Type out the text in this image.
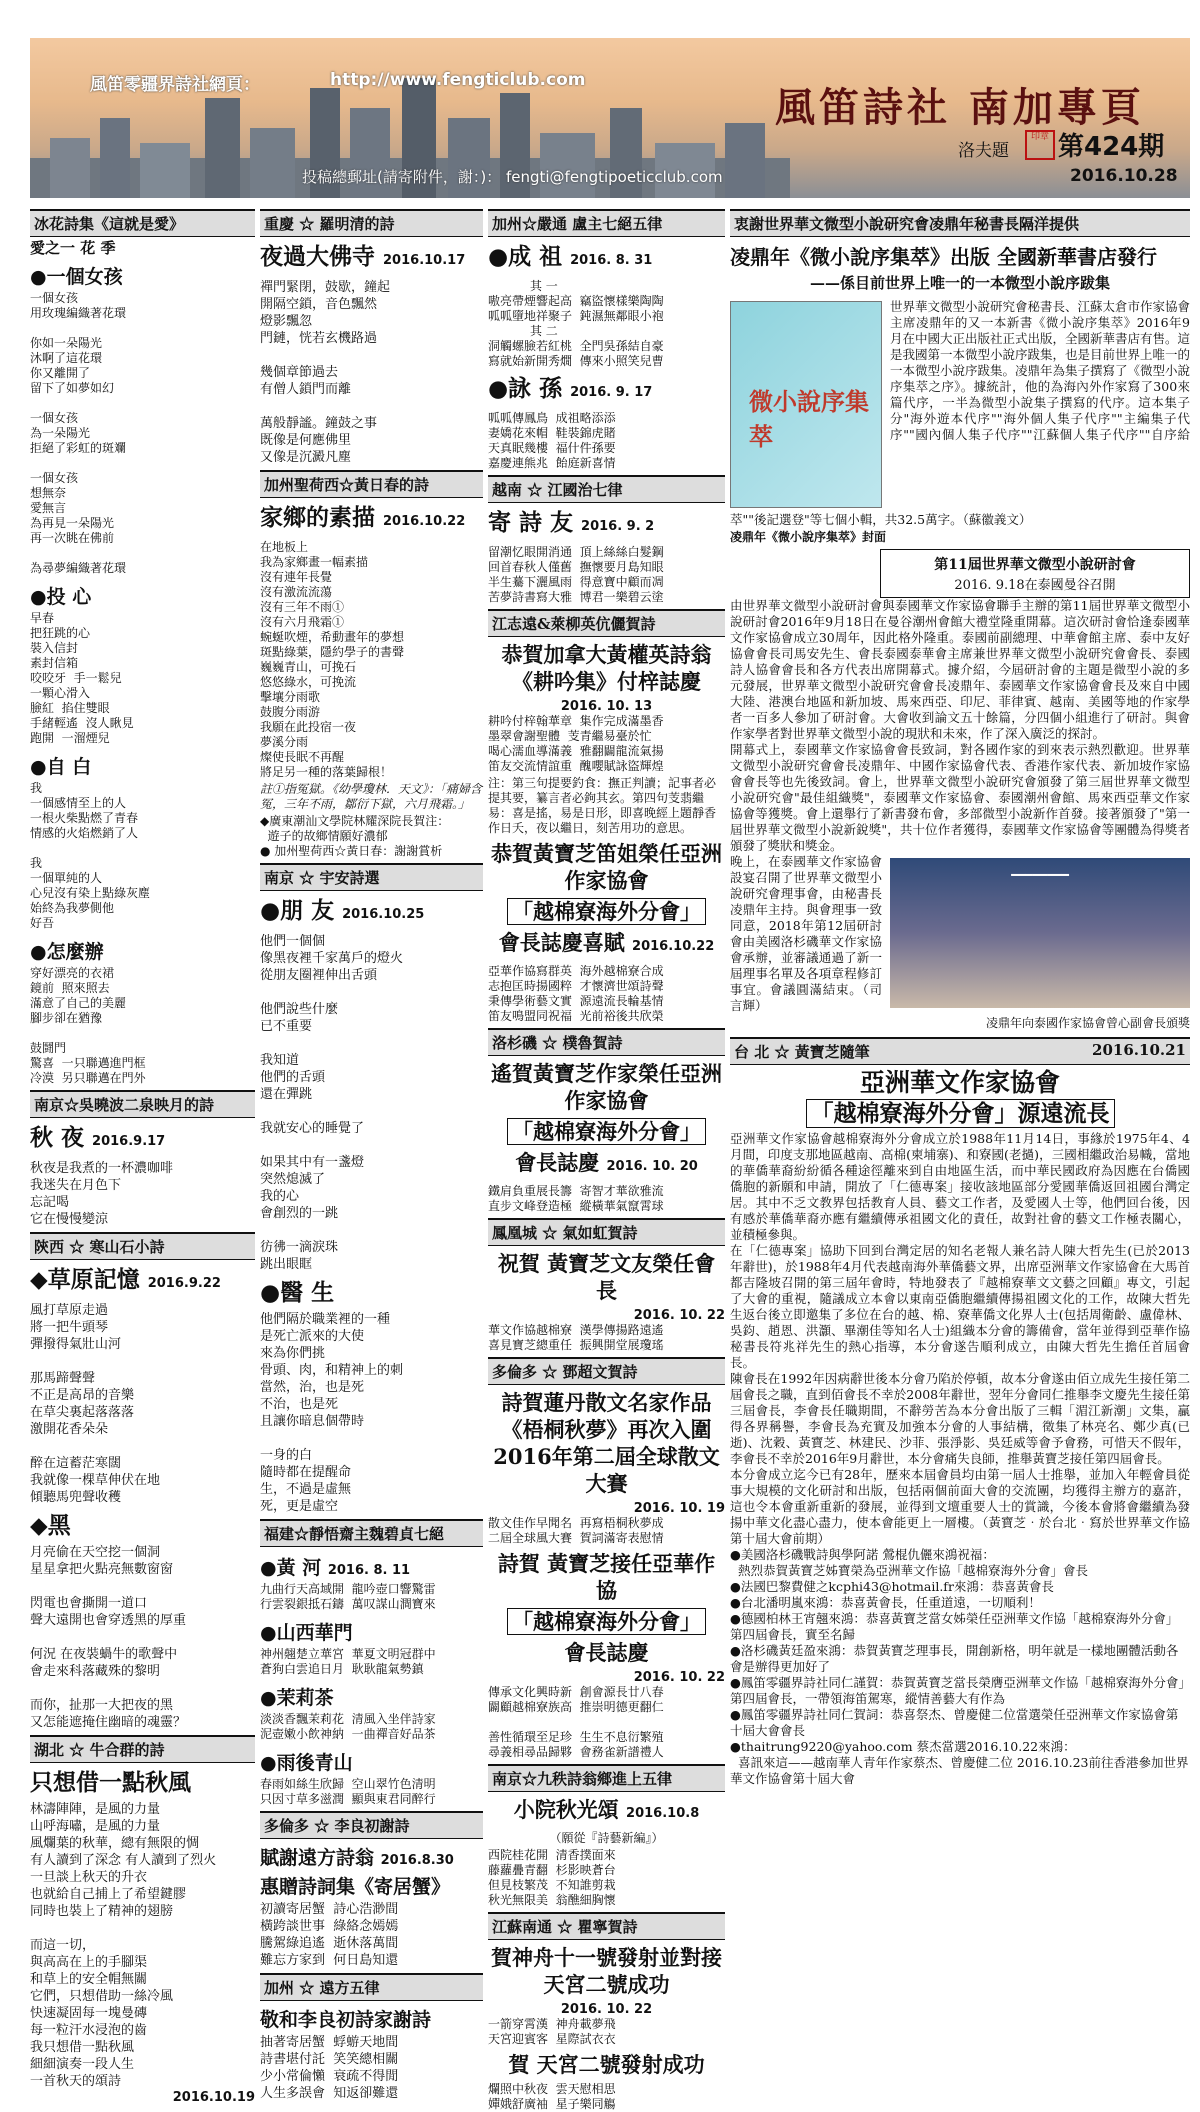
風笛零疆界詩社網頁：	http://www.fengticlub.com
投稿總郵址(請寄附件，謝：)： fengti@fengtipoeticclub.com
風笛詩社 南加專頁
洛夫題
印章 第424期
2016.10.28
冰花詩集《這就是愛》
愛之一 花 季
●一個女孩
一個女孩
用玫瑰編織著花環

你如一朵陽光
沐啊了這花環
你又離開了
留下了如夢如幻

一個女孩
為一朵陽光
拒絕了彩虹的斑斕

一個女孩
想無奈
愛無言
為再見一朵陽光
再一次眺在佛前

為尋夢編織著花環
●投 心
早春
把狂跳的心
裝入信封
素封信箱
咬咬牙  手一鬆兒
一顆心滑入
臉紅  掐住雙眼
手緒輕遙  沒人瞅見
跑開  一溜煙兒
●自 白
我
一個感情至上的人
一根火柴點燃了青春
情感的火焰燃銷了人

我
一個單純的人
心兒沒有染上點綠灰塵
始終為我夢側他
好吾
●怎麼辦
穿好漂亮的衣裙
鏡前  照來照去
滿意了自己的美麗
腳步卻在猶豫

鼓鬪門
驚喜  一只聯邁進門框
冷漠  另只聯邁在門外
南京☆吳曉波二泉映月的詩
秋 夜 2016.9.17
秋夜是我煮的一杯濃咖啡
我迷失在月色下
忘記喝
它在慢慢變涼
陝西 ☆ 寒山石小詩
◆草原記憶 2016.9.22
風打草原走過
將一把牛頭琴
彈撥得氣壯山河

那馬蹄聲聲
不正是高昂的音樂
在草尖裏起落落落
激開花香朵朵

醉在這蓄茫寒闊
我就像一棵草伸伏在地
傾聽馬兜聲收穫
◆黑
月亮偷在天空挖一個洞
星星拿把火點亮無數窗窗

閃電也會撕開一道口
聲大遠開也會穿透黑的厚重

何況 在夜裝蝸牛的歌聲中
會走來科落藏殊的黎明

而你，扯那一大把夜的黑
又怎能遮掩住幽暗的魂靈？
湖北 ☆ 牛合群的詩
只想借一點秋風
林濤陣陣，是風的力量
山呼海嘯，是風的力量
風爛葉的秋華，總有無限的惆
有人讀到了深念 有人讀到了烈火
一旦談上秋天的升衣
也就給自己捕上了希望鍵膠
同時也裝上了精神的翅膀

而這一切，
與高高在上的手腳渠
和草上的安全帽無關
它們，只想借助一絲冷風
快速凝固每一塊曼磚
每一粒汗水浸泡的齒
我只想借一點秋風
細細演奏一段人生
一首秋天的頌詩
2016.10.19
重慶 ☆ 羅明清的詩
夜過大佛寺 2016.10.17
禪門緊閉，鼓歇，鐘起
開隔空鎖，音色飄然
燈影飄忽
門鏈，恍若玄機路過

幾個章節過去
有僧人鎖門而離

萬般靜謐。鐘鼓之事
既像是何應佛里
又像是沉澱凡塵
加州聖荷西☆黃日春的詩
家鄉的素描 2016.10.22
在地板上
我為家鄉畫一幅素描
沒有連年長覺
沒有激流流蕩
沒有三年不雨①
沒有六月飛霜①
蜿蜒吹煙，希動畫年的夢想
斑點綠葉，隱約學子的書聲
巍巍青山，可挽石
悠悠綠水，可挽流
擊壤分雨歌
鼓腹分雨游
我願在此投宿一夜
夢溪分雨
燦使長眠不再醒
將足另一種的落葉歸根！

註①指冤獄。《幼學瓊林．天文》：「痛婦含冤，三年不雨，鄒衍下獄，六月飛霜。」

◆廣東潮汕文學院林耀深院長賀注：
遊子的故鄉情願好濃郁
● 加州聖荷西☆黃日春：謝謝賞析
南京 ☆ 宇安詩選
●朋 友 2016.10.25
他們一個個
像黑夜裡千家萬戶的燈火
從朋友圈裡伸出舌頭

他們說些什麼
已不重要

我知道
他們的舌頭
還在彈跳

我就安心的睡覺了

如果其中有一盞燈
突然熄滅了
我的心
會創烈的一跳

彷彿一滴淚珠
跳出眼眶
●醫 生
他們隔於職業裡的一種
是死亡派來的大使
來為你們挑
骨頭、肉，和精神上的刺
當然，治，也是死
不治，也是死
且讓你暗息個帶時

一身的白
隨時都在提醒命
生，不過是虛無
死，更是虛空
福建☆靜悟齋主魏碧貞七絕
●黃 河 2016. 8. 11
九曲行天高域開  龍吟壺口響驚雷
行雲裂銀抵石鑄  萬叹謀山澗寶來
●山西華門
神州翹楚立華宮  華夏文明冠群中
蒼狗白雲追日月  耿耿龍氣勢鎮
●茉莉茶
淡淡香飄茉莉花  清風入坐伴詩家
泥壺嫩小飲神納  一曲禪音好品茶
●雨後青山
春雨如絲生欣歸  空山翠竹色清明
只因寸草多滋潤  顯與東君同醉行
多倫多 ☆ 李良初謝詩
賦謝遠方詩翁 2016.8.30
惠贈詩詞集《寄居蟹》
初讀寄居蟹  詩心浩渺間
橫跨談世事  綠絡念嫣嫣
騰駕綠追遙  逝休落萬間
難忘方家到  何日島知還
加州 ☆ 遠方五律
敬和李良初詩家謝詩
抽著寄居蟹  蜉蝣天地間
詩書堪付託  笑笑總相關
少小常倫懶  衰疏不得閒
人生多誤會  知返卻難還
加州☆嚴通 盧主七絕五律
●成 祖 2016. 8. 31
其 一
嗷亮帶煙響起高  竊盜懷樣樂陶陶
呱呱墮地祥聚子  鈍濕無鄰眼小袍
其 二
洞觸螺臉若紅桃  全門吳孫結自豪
寫就始新開秀燗  傳來小照笑兒曹
●詠 孫 2016. 9. 17
呱呱傳鳳鳥  成祖略添添
妻嬌花來帽  鞋裝錦虎賭
天真眠幾樓  福什件孫要
嘉慶連熊兆  飴庭新喜情
越南 ☆ 江國治七律
寄 詩 友 2016. 9. 2
留潮忆眼開消通  頂上絲絲白髮鋼
回首春秋人僅舊  撫懷要月島知眼
半生驀下灑風雨  得意寶中顧而凋
苦夢詩書寫大雅  博君一樂碧云塗
江志遠&萊柳英伉儷賀詩
恭賀加拿大黃權英詩翁《耕吟集》付梓誌慶
2016. 10. 13
耕吟付梓翰華章  集作完成滿墨香
墨翠會謝聖體  芰青繼易臺於忙
喝心濡血導滿義  雅翻闢龍流氣揚
笛友交流情誼重  醜嚶賦詠盜輝煌

注：第三句提要釣食：撫正判讀；記事者必提其要，纂言者必鉤其玄。第四句芰翡繼易：喜是搖，易是日形，即喜晚經上題靜香作日夭，夜以繼日，刻苦用功的意思。

恭賀黃寶芝笛姐榮任亞洲作家協會
「越棉寮海外分會」
會長誌慶喜賦 2016.10.22
亞華作協寫群英  海外越棉寮合成
志抱匡時揚國粹  才懷濟世頌詩聲
秉傳學術藝文實  源遠流長輪基情
笛友鳴盟同祝福  光前裕後共欣榮
洛杉磯 ☆ 樸魯賀詩
遙賀黃寶芝作家榮任亞洲作家協會
「越棉寮海外分會」
會長誌慶 2016. 10. 20
鐵肩負重展長籌  寄智才華欲雅流
直步文峰登造極  縱橫華氣竄霄球
鳳凰城 ☆ 氣如虹賀詩
祝賀 黃寶芝文友榮任會長
2016. 10. 22
華文作協越棉寮  漢學傳揚路遠遙
喜見寶芝總重任  振興開堂展瓊瑤
多倫多 ☆ 鄧超文賀詩
詩賀蓮丹散文名家作品《梧桐秋夢》再次入圍2016年第二屆全球散文大賽
2016. 10. 19
散文佳作早聞名  再寫梧桐秋夢成
二屆全球風大賽  賀詞滿寄表慰情
詩賀 黃寶芝接任亞華作協
「越棉寮海外分會」
會長誌慶
2016. 10. 22
傳承文化興時新  創會源長廿八春
闢顧越棉寮族高  推崇明德更翻仁

善性循環至足珍  生生不息衍繁殖
尋義相尋品歸夥  會務雀新譜禮人
南京☆九秩詩翁鄉進上五律
小院秋光頌 2016.10.8
（願從『詩藝新編』）
西院桂花開  清香撲面來
藤蘿疊青翻  杉影映蒼台
但見枝繁茂  不知誰剪栽
秋光無限美  翁醮細胸懷
江蘇南通 ☆ 瞿寧賀詩
賀神舟十一號發射並對接天宮二號成功
2016. 10. 22
一箭穿霄漢  神舟載夢飛
天宮迎賓客  星際試衣衣
賀 天宮二號發射成功
爛照中秋夜  雲天慰相思
嬋娥舒廣袖  星子樂同觴
衷謝世界華文微型小說研究會凌鼎年秘書長隔洋提供
凌鼎年《微小說序集萃》出版 全國新華書店發行
——係目前世界上唯一的一本微型小說序跋集
微小說序集萃

世界華文微型小說研究會秘書長、江蘇太倉市作家協會主席凌鼎年的又一本新書《微小說序集萃》2016年9月在中國大正出版社正式出版，全國新華書店有售。這是我國第一本微型小說序跋集，也是目前世界上唯一的一本微型小說序跋集。凌鼎年為集子撰寫了《微型小說序集萃之序》。據統計，他的為海內外作家寫了300來篇代序，一半為微型小說集子撰寫的代序。這本集子分"海外遊本代序""海外個人集子代序""主編集子代序""國內個人集子代序""江蘇個人集子代序""自序給萃""後記選登"等七個小輯，共32.5萬字。（蘇徽義文）

凌鼎年《微小說序集萃》封面
第11屆世界華文微型小說研討會
2016. 9.18在泰國曼谷召開

由世界華文微型小說研討會與泰國華文作家協會聯手主辦的第11屆世界華文微型小說研討會2016年9月18日在曼谷潮州會館大禮堂隆重開幕。這次研討會恰逢泰國華文作家協會成立30周年，因此格外隆重。泰國前副總理、中華會館主席、泰中友好協會會長司馬安先生、會長泰國泰華會主席兼世界華文微型小說研究會會長、泰國詩人協會會長和各方代表出席開幕式。據介紹，今屆研討會的主題是微型小說的多元發展，世界華文微型小說研究會會長凌鼎年、泰國華文作家協會會長及來自中國大陸、港澳台地區和新加坡、馬來西亞、印尼、菲律賓、越南、美國等地的作家學者一百多人參加了研討會。大會收到論文五十餘篇，分四個小組進行了研討。與會作家學者對世界華文微型小說的現狀和未來，作了深入廣泛的探討。

開幕式上，泰國華文作家協會會長致詞，對各國作家的到來表示熱烈歡迎。世界華文微型小說研究會會長凌鼎年、中國作家協會代表、香港作家代表、新加坡作家協會會長等也先後致詞。會上，世界華文微型小說研究會頒發了第三屆世界華文微型小說研究會"最佳組織獎"，泰國華文作家協會、泰國潮州會館、馬來西亞華文作家協會等獲獎。會上還舉行了新書發布會，多部微型小說新作首發。接著頒發了"第一屆世界華文微型小說新銳獎"，共十位作者獲得，泰國華文作家協會等團體為得獎者頒發了獎狀和獎金。

━━━━━━━━

晚上，在泰國華文作家協會設宴召開了世界華文微型小說研究會理事會，由秘書長凌鼎年主持。與會理事一致同意，2018年第12屆研討會由美國洛杉磯華文作家協會承辦，並審議通過了新一屆理事名單及各項章程修訂事宜。會議圓滿結束。（司言輝）

凌鼎年向泰國作家協會曾心副會長頒獎
台 北 ☆ 黃寶芝隨筆	2016.10.21
亞洲華文作家協會
「越棉寮海外分會」源遠流長

亞洲華文作家協會越棉寮海外分會成立於1988年11月14日，事緣於1975年4、4月間，印度支那地區越南、高棉(柬埔寨)、和寮國(老撾)，三國相繼政治易幟，當地的華僑華裔紛紛循各種途徑離來到自由地區生活，而中華民國政府為因應在台僑國僑胞的新願和申請，開放了「仁德專案」接收該地區部分愛國華僑返回祖國台灣定居。其中不乏文教界包括教育人員、藝文工作者，及愛國人士等，他們回台後，因有感於華僑華裔亦應有繼續傳承祖國文化的責任，故對社會的藝文工作極表關心，並積極參與。

在「仁德專案」協助下回到台灣定居的知名老報人兼名詩人陳大哲先生(已於2013年辭世)，於1988年4月代表越南海外華僑藝文界，出席亞洲華文作家協會在大馬首都吉隆坡召開的第三屆年會時，特地發表了『越棉寮華文文藝之回顧』專文，引起了大會的重視，隨議成立本會以東南亞僑胞繼續傳揚祖國文化的工作，故陳大哲先生返台後立即邀集了多位在台的越、棉、寮華僑文化界人士(包括周衛齡、盧偉林、吳鈞、趙恩、洪灝、畢潮佳等知名人士)組織本分會的籌備會，當年並得到亞華作協秘書長符兆祥先生的熱心指導，本分會遂告順利成立，由陳大哲先生擔任首屆會長。

陳會長在1992年因病辭世後本分會乃陷於停頓，故本分會遂由佰立成先生接任第二屆會長之職，直到佰會長不幸於2008年辭世，翌年分會同仁推舉李文慶先生接任第三屆會長，李會長任職期間，不辭勞苦為本分會出版了三輯「湄江新潮」文集，贏得各界稱譽，李會長為充實及加強本分會的人事結構，徵集了林亮名、鄭少真(已逝)、沈穀、黃寶芝、林建民、沙菲、張淨影、吳廷威等會予會務，可惜天不假年，李會長不幸於2016年9月辭世，本分會痛失良師，推舉黃寶芝接任第四屆會長。

本分會成立迄今已有28年，歷來本屆會員均由第一屆人士推舉，並加入年輕會員從事大規模的文化研討和出版，包括兩個前面大會的交流團，均獲得主辦方的嘉許，這也令本會重新重新的發展，並得到文壇重要人士的賞識，今後本會將會繼續為發揚中華文化盡心盡力，使本會能更上一層樓。（黃寶芝‧於台北‧寫於世界華文作協第十屆大會前期）

●美國洛杉磯戰詩與學阿諾 鶯棍仇儷來鴻祝福：
熱烈恭賀黃寶芝姊寶榮為亞洲華文作協「越棉寮海外分會」會長
●法國巴黎費健之kcphi43@hotmail.fr來鴻：恭喜黃會長
●台北潘明嵐來鴻：恭喜黃會長，任重道遠，一切順利！
●德國柏林王宵翹來鴻：恭喜黃寶芝當女姊榮任亞洲華文作協「越棉寮海外分會」第四屆會長，實至名歸
●洛杉磯黃廷盈來鴻：恭賀黃寶芝理事長，開創新格，明年就是一樣地團體活動各會是辦得更加好了
●鳳笛零疆界詩社同仁謹賀：恭賀黃寶芝當長榮膺亞洲華文作協「越棉寮海外分會」第四屆會長，一帶領海笛駕寒，縱情善藝大有作為
●鳳笛零疆界詩社同仁賀詞：恭喜祭杰、曾慶健二位當選榮任亞洲華文作家協會第十屆大會會長
●thaitrung9220@yahoo.com 蔡杰當選2016.10.22來鴻：
喜訊來這——越南華人青年作家蔡杰、曾慶健二位 2016.10.23前往香港參加世界華文作協會第十屆大會
